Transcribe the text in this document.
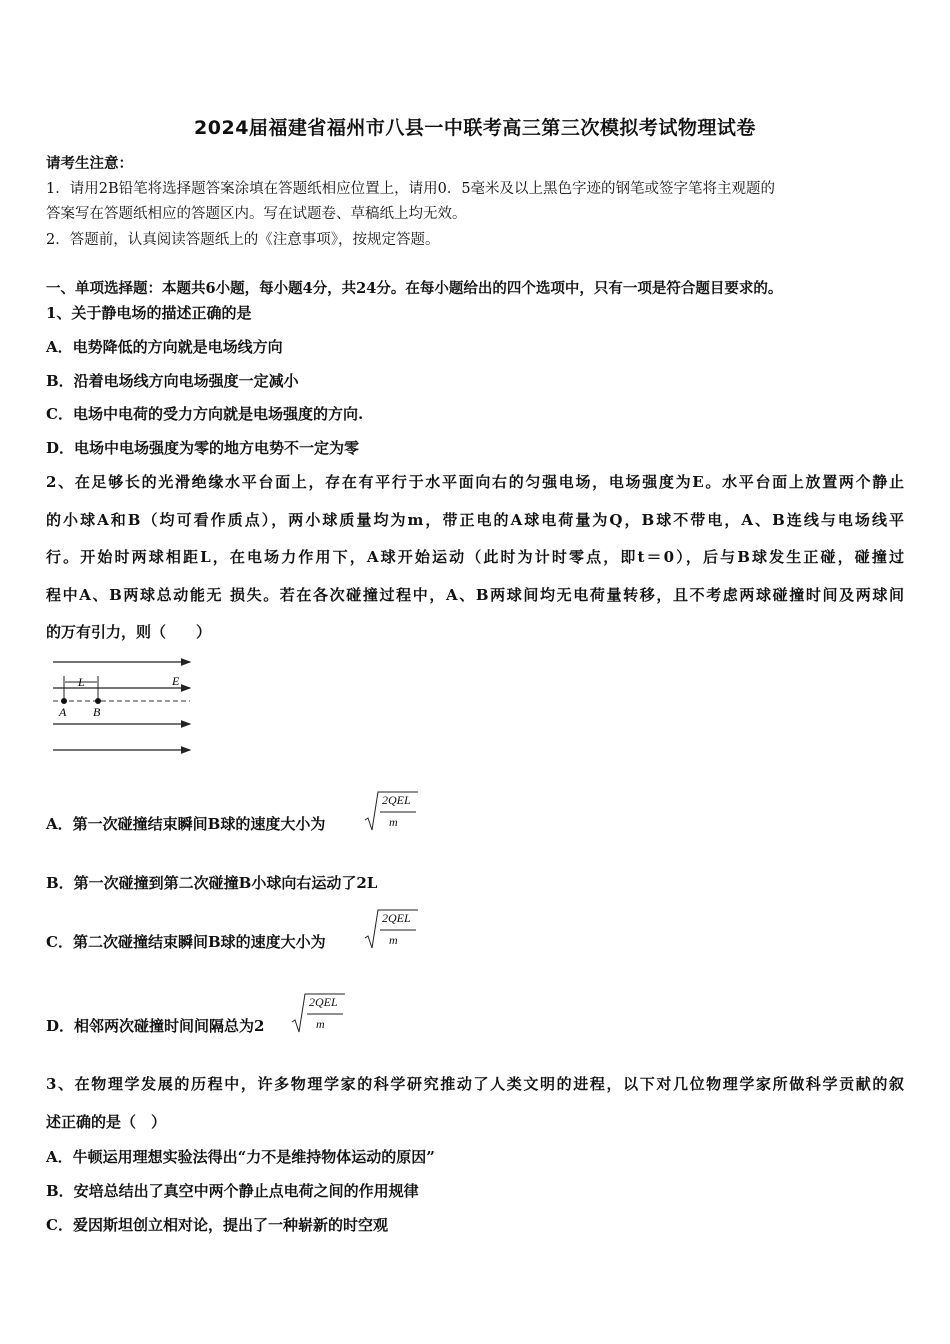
2024届福建省福州市八县一中联考高三第三次模拟考试物理试卷
请考生注意：
1．请用2B铅笔将选择题答案涂填在答题纸相应位置上，请用0．5毫米及以上黑色字迹的钢笔或签字笔将主观题的
答案写在答题纸相应的答题区内。写在试题卷、草稿纸上均无效。
2．答题前，认真阅读答题纸上的《注意事项》，按规定答题。
一、单项选择题：本题共6小题，每小题4分，共24分。在每小题给出的四个选项中，只有一项是符合题目要求的。
1、关于静电场的描述正确的是
A．电势降低的方向就是电场线方向
B．沿着电场线方向电场强度一定减小
C．电场中电荷的受力方向就是电场强度的方向.
D．电场中电场强度为零的地方电势不一定为零
2、在足够长的光滑绝缘水平台面上，存在有平行于水平面向右的匀强电场，电场强度为E。水平台面上放置两个静止
的小球A和B（均可看作质点），两小球质量均为m，带正电的A球电荷量为Q，B球不带电，A、B连线与电场线平
行。开始时两球相距L，在电场力作用下，A球开始运动（此时为计时零点，即t＝0），后与B球发生正碰，碰撞过
程中A、B两球总动能无 损失。若在各次碰撞过程中，A、B两球间均无电荷量转移，且不考虑两球碰撞时间及两球间
的万有引力，则（　　）
L	E
A B
A．第一次碰撞结束瞬间B球的速度大小为
2QEL
m
B．第一次碰撞到第二次碰撞B小球向右运动了2L
C．第二次碰撞结束瞬间B球的速度大小为
2QEL
m
D．相邻两次碰撞时间间隔总为2
2QEL
m
3、在物理学发展的历程中，许多物理学家的科学研究推动了人类文明的进程，以下对几位物理学家所做科学贡献的叙
述正确的是（　）
A．牛顿运用理想实验法得出“力不是维持物体运动的原因”
B．安培总结出了真空中两个静止点电荷之间的作用规律
C．爱因斯坦创立相对论，提出了一种崭新的时空观
